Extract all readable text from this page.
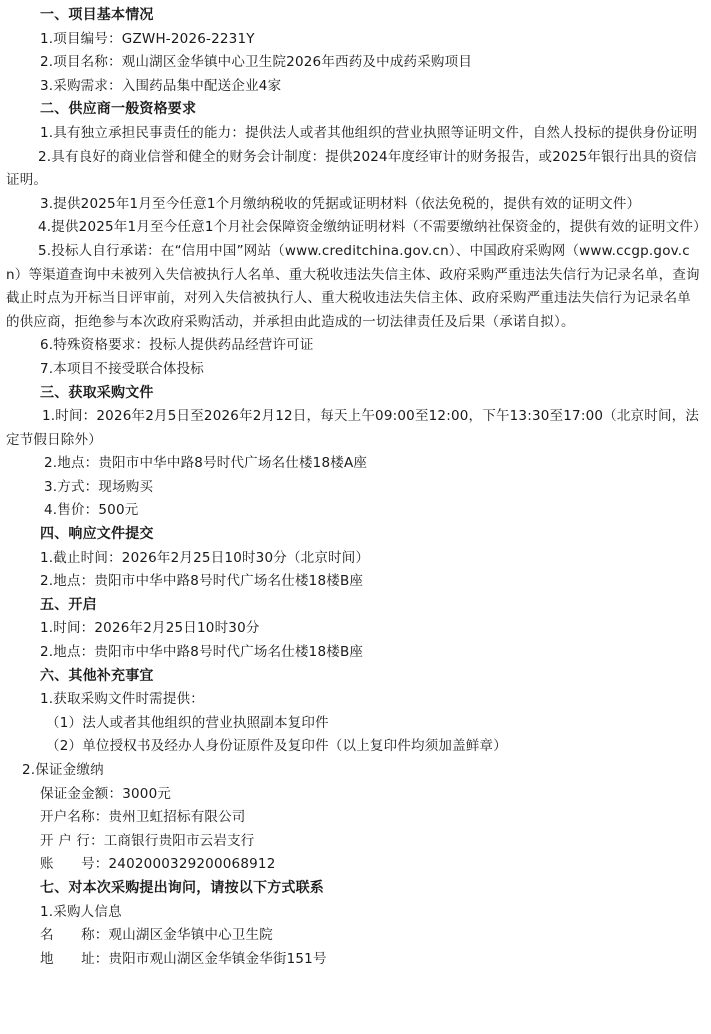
一、项目基本情况
1.项目编号：GZWH-2026-2231Y
2.项目名称：观山湖区金华镇中心卫生院2026年西药及中成药采购项目
3.采购需求：入围药品集中配送企业4家
二、供应商一般资格要求
1.具有独立承担民事责任的能力：提供法人或者其他组织的营业执照等证明文件，自然人投标的提供身份证明
2.具有良好的商业信誉和健全的财务会计制度：提供2024年度经审计的财务报告，或2025年银行出具的资信证明。
3.提供2025年1月至今任意1个月缴纳税收的凭据或证明材料（依法免税的，提供有效的证明文件）
4.提供2025年1月至今任意1个月社会保障资金缴纳证明材料（不需要缴纳社保资金的，提供有效的证明文件）
5.投标人自行承诺：在“信用中国”网站（www.creditchina.gov.cn）、中国政府采购网（www.ccgp.gov.cn）等渠道查询中未被列入失信被执行人名单、重大税收违法失信主体、政府采购严重违法失信行为记录名单，查询截止时点为开标当日评审前，对列入失信被执行人、重大税收违法失信主体、政府采购严重违法失信行为记录名单的供应商，拒绝参与本次政府采购活动，并承担由此造成的一切法律责任及后果（承诺自拟）。
6.特殊资格要求：投标人提供药品经营许可证
7.本项目不接受联合体投标
三、获取采购文件
1.时间：2026年2月5日至2026年2月12日，每天上午09:00至12:00，下午13:30至17:00（北京时间，法定节假日除外）
2.地点：贵阳市中华中路8号时代广场名仕楼18楼A座
3.方式：现场购买
4.售价：500元
四、响应文件提交
1.截止时间：2026年2月25日10时30分（北京时间）
2.地点：贵阳市中华中路8号时代广场名仕楼18楼B座
五、开启
1.时间：2026年2月25日10时30分
2.地点：贵阳市中华中路8号时代广场名仕楼18楼B座
六、其他补充事宜
1.获取采购文件时需提供：
（1）法人或者其他组织的营业执照副本复印件
（2）单位授权书及经办人身份证原件及复印件（以上复印件均须加盖鲜章）
2.保证金缴纳
保证金金额：3000元
开户名称：贵州卫虹招标有限公司
开 户 行：工商银行贵阳市云岩支行
账　　号：2402000329200068912
七、对本次采购提出询问，请按以下方式联系
1.采购人信息
名　　称：观山湖区金华镇中心卫生院
地　　址：贵阳市观山湖区金华镇金华街151号
